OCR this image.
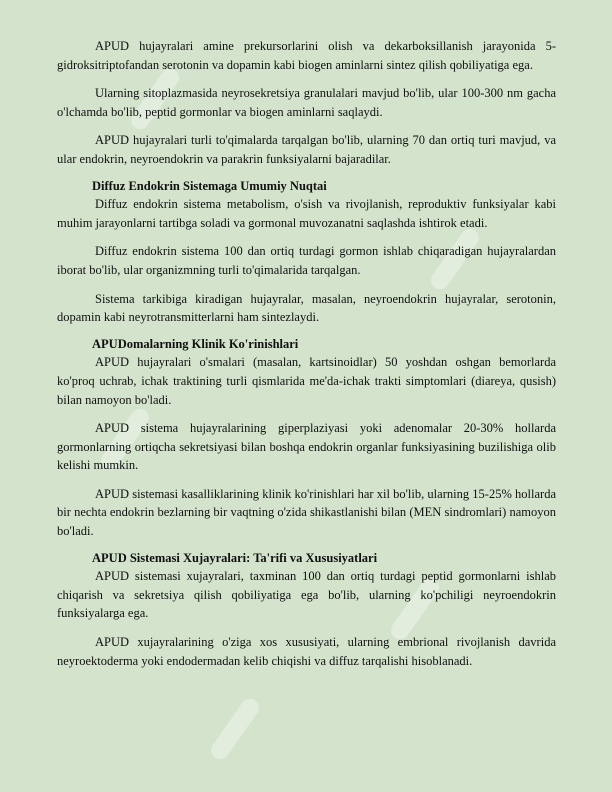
APUD hujayralari amine prekursorlarini olish va dekarboksillanish jarayonida 5-gidroksitriptofandan serotonin va dopamin kabi biogen aminlarni sintez qilish qobiliyatiga ega.

Ularning sitoplazmasida neyrosekretsiya granulalari mavjud bo'lib, ular 100-300 nm gacha o'lchamda bo'lib, peptid gormonlar va biogen aminlarni saqlaydi.

APUD hujayralari turli to'qimalarda tarqalgan bo'lib, ularning 70 dan ortiq turi mavjud, va ular endokrin, neyroendokrin va parakrin funksiyalarni bajaradilar.

Diffuz Endokrin Sistemaga Umumiy Nuqtai

Diffuz endokrin sistema metabolism, o'sish va rivojlanish, reproduktiv funksiyalar kabi muhim jarayonlarni tartibga soladi va gormonal muvozanatni saqlashda ishtirok etadi.

Diffuz endokrin sistema 100 dan ortiq turdagi gormon ishlab chiqaradigan hujayralardan iborat bo'lib, ular organizmning turli to'qimalarida tarqalgan.

Sistema tarkibiga kiradigan hujayralar, masalan, neyroendokrin hujayralar, serotonin, dopamin kabi neyrotransmitterlarni ham sintezlaydi.

APUDomalarning Klinik Ko'rinishlari

APUD hujayralari o'smalari (masalan, kartsinoidlar) 50 yoshdan oshgan bemorlarda ko'proq uchrab, ichak traktining turli qismlarida me'da-ichak trakti simptomlari (diareya, qusish) bilan namoyon bo'ladi.

APUD sistema hujayralarining giperplaziyasi yoki adenomalar 20-30% hollarda gormonlarning ortiqcha sekretsiyasi bilan boshqa endokrin organlar funksiyasining buzilishiga olib kelishi mumkin.

APUD sistemasi kasalliklarining klinik ko'rinishlari har xil bo'lib, ularning 15-25% hollarda bir nechta endokrin bezlarning bir vaqtning o'zida shikastlanishi bilan (MEN sindromlari) namoyon bo'ladi.

APUD Sistemasi Xujayralari: Ta'rifi va Xususiyatlari

APUD sistemasi xujayralari, taxminan 100 dan ortiq turdagi peptid gormonlarni ishlab chiqarish va sekretsiya qilish qobiliyatiga ega bo'lib, ularning ko'pchiligi neyroendokrin funksiyalarga ega.

APUD xujayralarining o'ziga xos xususiyati, ularning embrional rivojlanish davrida neyroektoderma yoki endodermadan kelib chiqishi va diffuz tarqalishi hisoblanadi.
